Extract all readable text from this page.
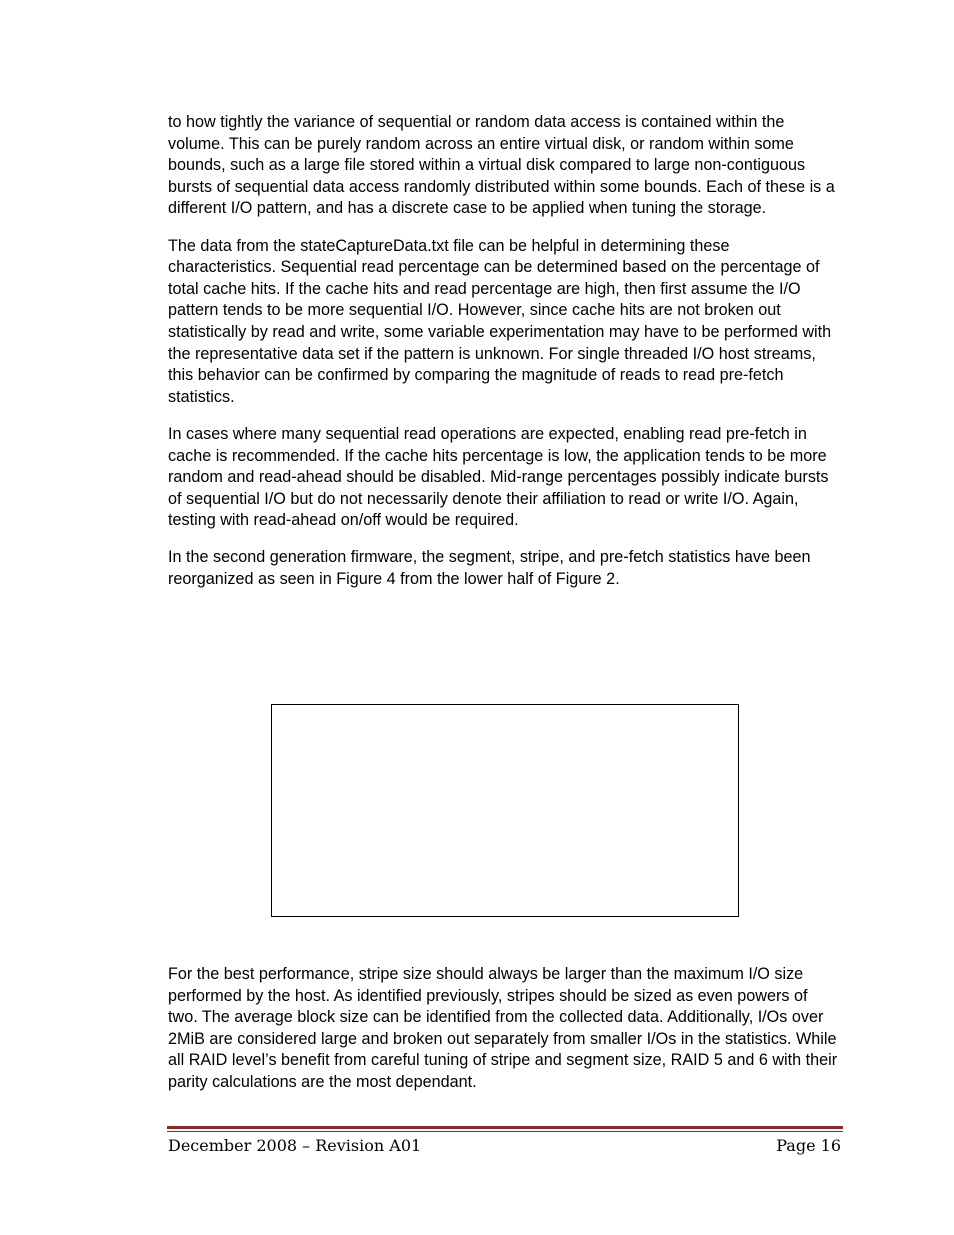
to how tightly the variance of sequential or random data access is contained within the volume. This can be purely random across an entire virtual disk, or random within some bounds, such as a large file stored within a virtual disk compared to large non-contiguous bursts of sequential data access randomly distributed within some bounds. Each of these is a different I/O pattern, and has a discrete case to be applied when tuning the storage.

The data from the stateCaptureData.txt file can be helpful in determining these characteristics. Sequential read percentage can be determined based on the percentage of total cache hits. If the cache hits and read percentage are high, then first assume the I/O pattern tends to be more sequential I/O. However, since cache hits are not broken out statistically by read and write, some variable experimentation may have to be performed with the representative data set if the pattern is unknown. For single threaded I/O host streams, this behavior can be confirmed by comparing the magnitude of reads to read pre-fetch statistics.

In cases where many sequential read operations are expected, enabling read pre-fetch in cache is recommended. If the cache hits percentage is low, the application tends to be more random and read-ahead should be disabled. Mid-range percentages possibly indicate bursts of sequential I/O but do not necessarily denote their affiliation to read or write I/O. Again, testing with read-ahead on/off would be required.

In the second generation firmware, the segment, stripe, and pre-fetch statistics have been reorganized as seen in Figure 4 from the lower half of Figure 2.

For the best performance, stripe size should always be larger than the maximum I/O size performed by the host. As identified previously, stripes should be sized as even powers of two. The average block size can be identified from the collected data. Additionally, I/Os over 2MiB are considered large and broken out separately from smaller I/Os in the statistics. While all RAID level’s benefit from careful tuning of stripe and segment size, RAID 5 and 6 with their parity calculations are the most dependant.

December 2008 – Revision A01	Page 16
